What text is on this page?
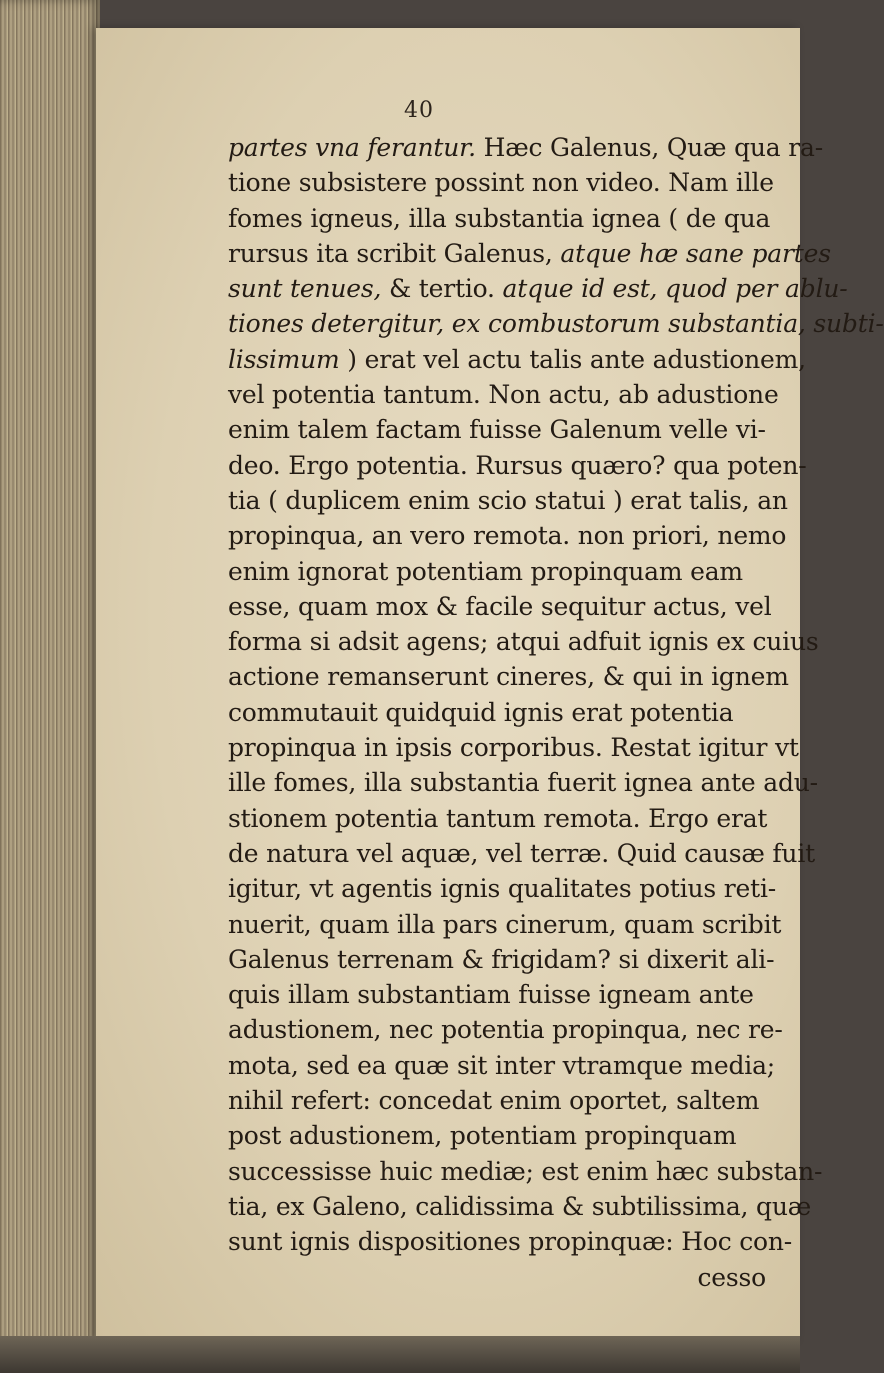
40
partes vna ferantur. Hæc Galenus, Quæ qua ra-
tione subsistere possint non video. Nam ille
fomes igneus, illa substantia ignea ( de qua
rursus ita scribit Galenus, atque hæ sane partes
sunt tenues, & tertio. atque id est, quod per ablu-
tiones detergitur, ex combustorum substantia, subti-
lissimum ) erat vel actu talis ante adustionem,
vel potentia tantum. Non actu, ab adustione
enim talem factam fuisse Galenum velle vi-
deo. Ergo potentia. Rursus quæro? qua poten-
tia ( duplicem enim scio statui ) erat talis, an
propinqua, an vero remota. non priori, nemo
enim ignorat potentiam propinquam eam
esse, quam mox & facile sequitur actus, vel
forma si adsit agens; atqui adfuit ignis ex cuius
actione remanserunt cineres, & qui in ignem
commutauit quidquid ignis erat potentia
propinqua in ipsis corporibus. Restat igitur vt
ille fomes, illa substantia fuerit ignea ante adu-
stionem potentia tantum remota. Ergo erat
de natura vel aquæ, vel terræ. Quid causæ fuit
igitur, vt agentis ignis qualitates potius reti-
nuerit, quam illa pars cinerum, quam scribit
Galenus terrenam & frigidam? si dixerit ali-
quis illam substantiam fuisse igneam ante
adustionem, nec potentia propinqua, nec re-
mota, sed ea quæ sit inter vtramque media;
nihil refert: concedat enim oportet, saltem
post adustionem, potentiam propinquam
successisse huic mediæ; est enim hæc substan-
tia, ex Galeno, calidissima & subtilissima, quæ
sunt ignis dispositiones propinquæ: Hoc con-
cesso
